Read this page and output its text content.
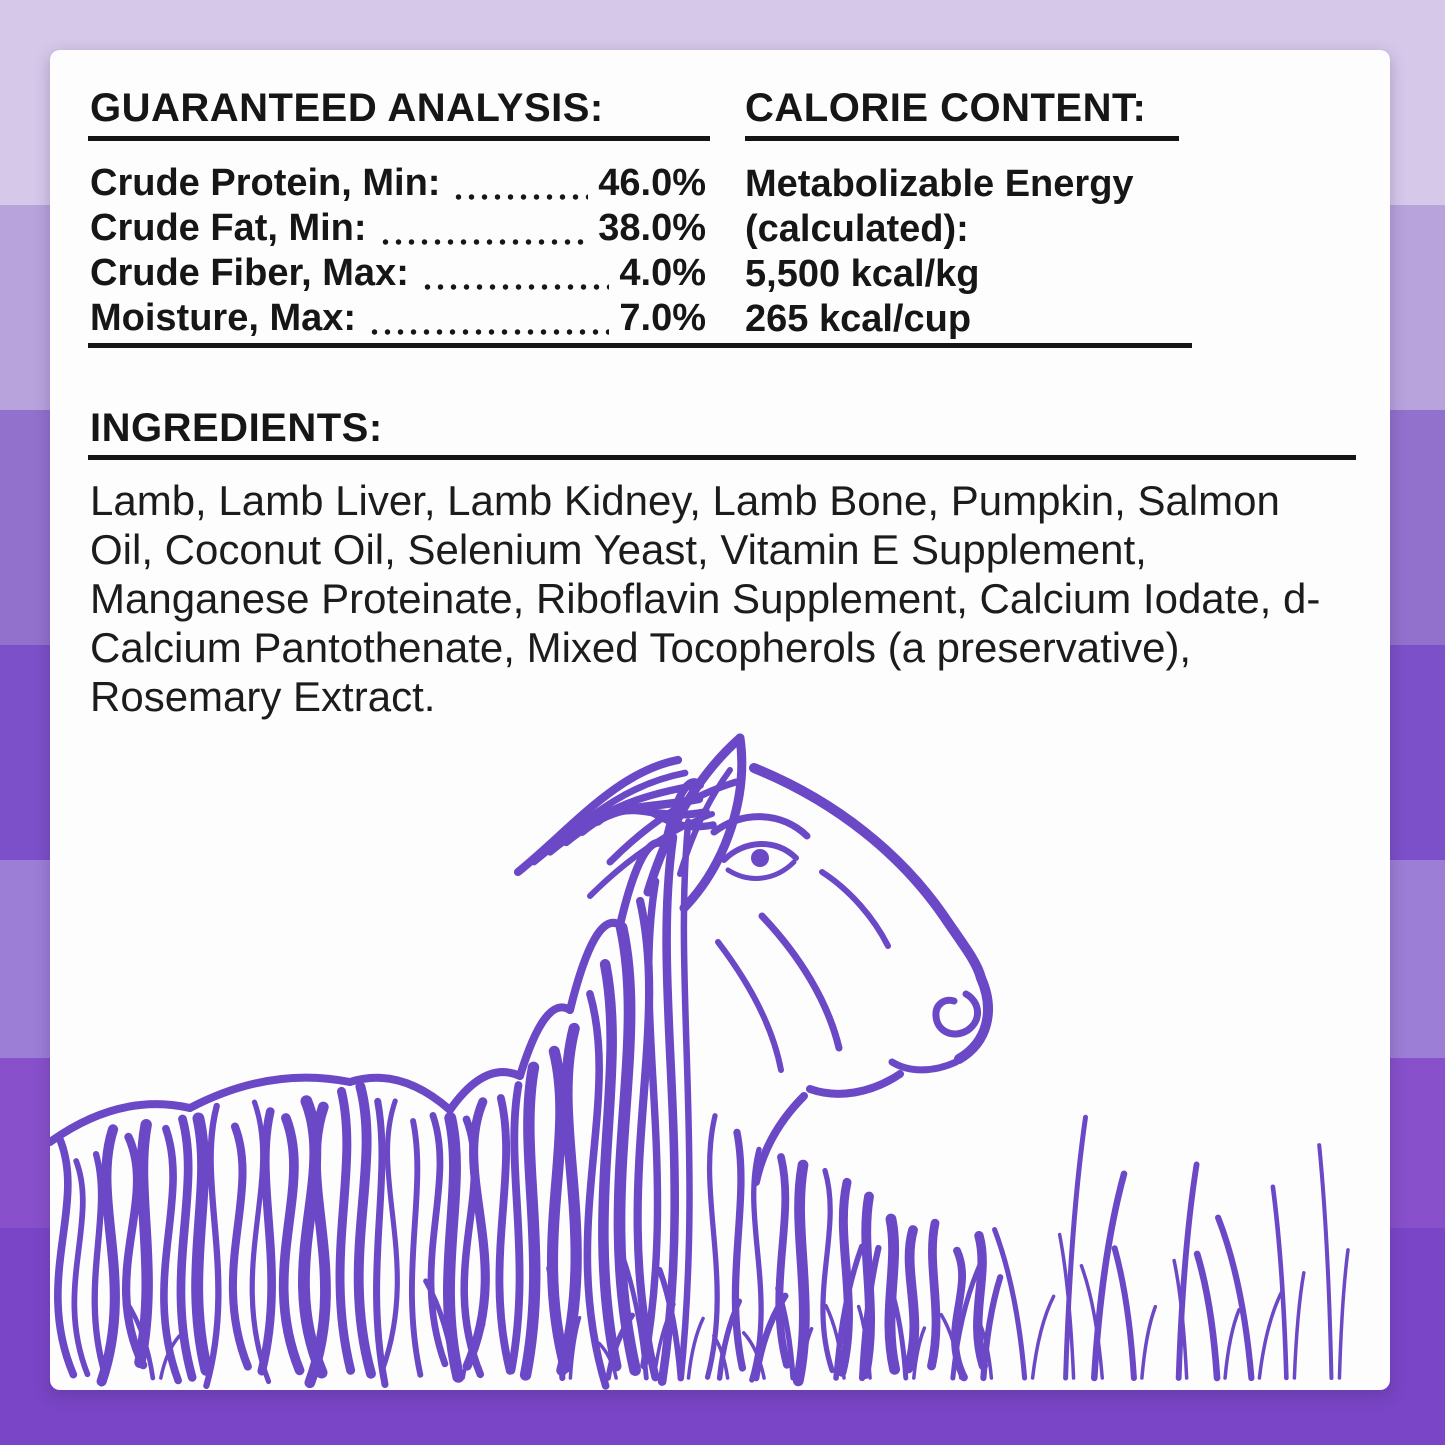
GUARANTEED ANALYSIS:
Crude Protein, Min:	46.0%
Crude Fat, Min:	38.0%
Crude Fiber, Max:	4.0%
Moisture, Max:	7.0%
CALORIE CONTENT:
Metabolizable Energy
(calculated):
5,500 kcal/kg
265 kcal/cup
INGREDIENTS:

Lamb, Lamb Liver, Lamb Kidney, Lamb Bone, Pumpkin, Salmon Oil, Coconut Oil, Selenium Yeast, Vitamin E Supplement, Manganese Proteinate, Riboflavin Supplement, Calcium Iodate, d-Calcium Pantothenate, Mixed Tocopherols (a preservative), Rosemary Extract.
